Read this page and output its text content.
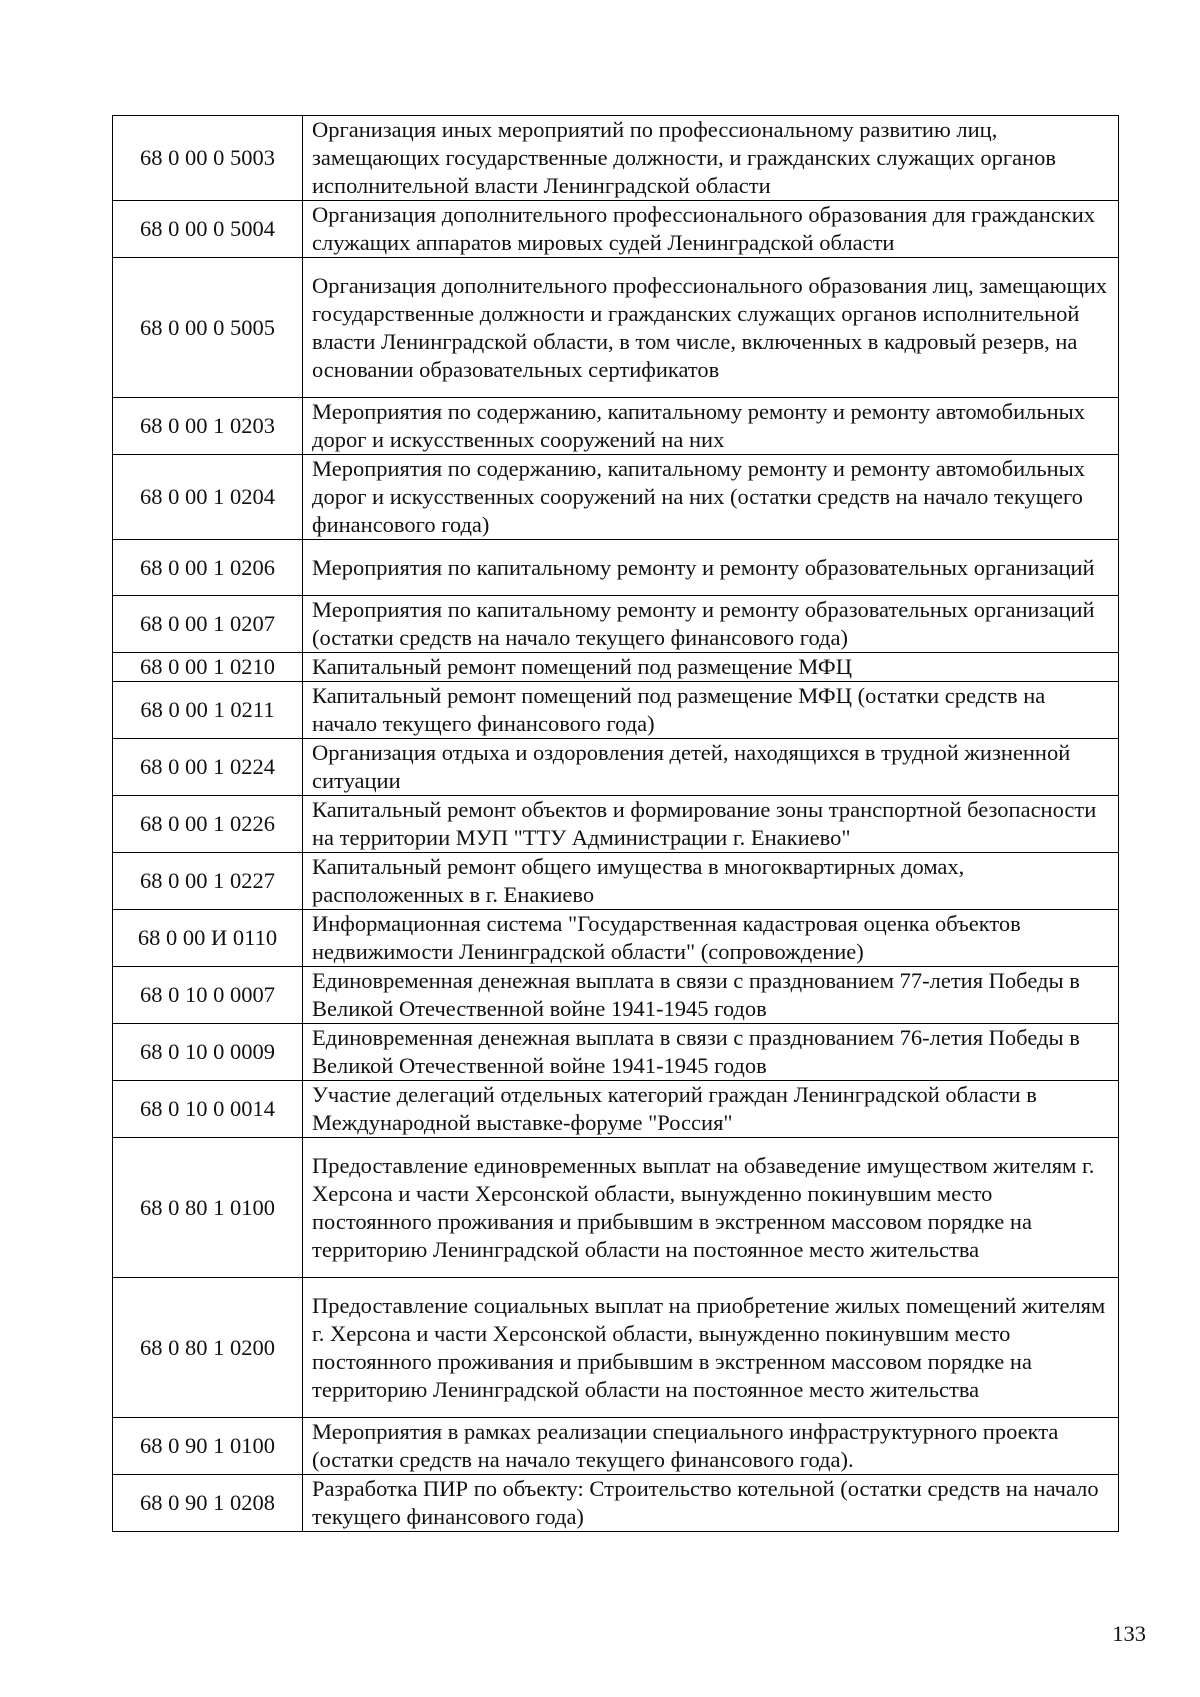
68 0 00 0 5003	Организация иных мероприятий по профессиональному развитию лиц, замещающих государственные должности, и гражданских служащих органов исполнительной власти Ленинградской области
68 0 00 0 5004	Организация дополнительного профессионального образования для гражданских служащих аппаратов мировых судей Ленинградской области
68 0 00 0 5005	Организация дополнительного профессионального образования лиц, замещающих государственные должности и гражданских служащих органов исполнительной власти Ленинградской области, в том числе, включенных в кадровый резерв, на основании образовательных сертификатов
68 0 00 1 0203	Мероприятия по содержанию, капитальному ремонту и ремонту автомобильных дорог и искусственных сооружений на них
68 0 00 1 0204	Мероприятия по содержанию, капитальному ремонту и ремонту автомобильных дорог и искусственных сооружений на них (остатки средств на начало текущего финансового года)
68 0 00 1 0206	Мероприятия по капитальному ремонту и ремонту образовательных организаций
68 0 00 1 0207	Мероприятия по капитальному ремонту и ремонту образовательных организаций (остатки средств на начало текущего финансового года)
68 0 00 1 0210	Капитальный ремонт помещений под размещение МФЦ
68 0 00 1 0211	Капитальный ремонт помещений под размещение МФЦ (остатки средств на начало текущего финансового года)
68 0 00 1 0224	Организация отдыха и оздоровления детей, находящихся в трудной жизненной ситуации
68 0 00 1 0226	Капитальный ремонт объектов и формирование зоны транспортной безопасности на территории МУП "ТТУ Администрации г. Енакиево"
68 0 00 1 0227	Капитальный ремонт общего имущества в многоквартирных домах, расположенных в г. Енакиево
68 0 00 И 0110	Информационная система "Государственная кадастровая оценка объектов недвижимости Ленинградской области" (сопровождение)
68 0 10 0 0007	Единовременная денежная выплата в связи с празднованием 77-летия Победы в Великой Отечественной войне 1941-1945 годов
68 0 10 0 0009	Единовременная денежная выплата в связи с празднованием 76-летия Победы в Великой Отечественной войне 1941-1945 годов
68 0 10 0 0014	Участие делегаций отдельных категорий граждан Ленинградской области в Международной выставке-форуме "Россия"
68 0 80 1 0100	Предоставление единовременных выплат на обзаведение имуществом жителям г. Херсона и части Херсонской области, вынужденно покинувшим место постоянного проживания и прибывшим в экстренном массовом порядке на территорию Ленинградской области на постоянное место жительства
68 0 80 1 0200	Предоставление социальных выплат на приобретение жилых помещений жителям г. Херсона и части Херсонской области, вынужденно покинувшим место постоянного проживания и прибывшим в экстренном массовом порядке на территорию Ленинградской области на постоянное место жительства
68 0 90 1 0100	Мероприятия в рамках реализации специального инфраструктурного проекта (остатки средств на начало текущего финансового года).
68 0 90 1 0208	Разработка ПИР по объекту: Строительство котельной (остатки средств на начало текущего финансового года)
133
